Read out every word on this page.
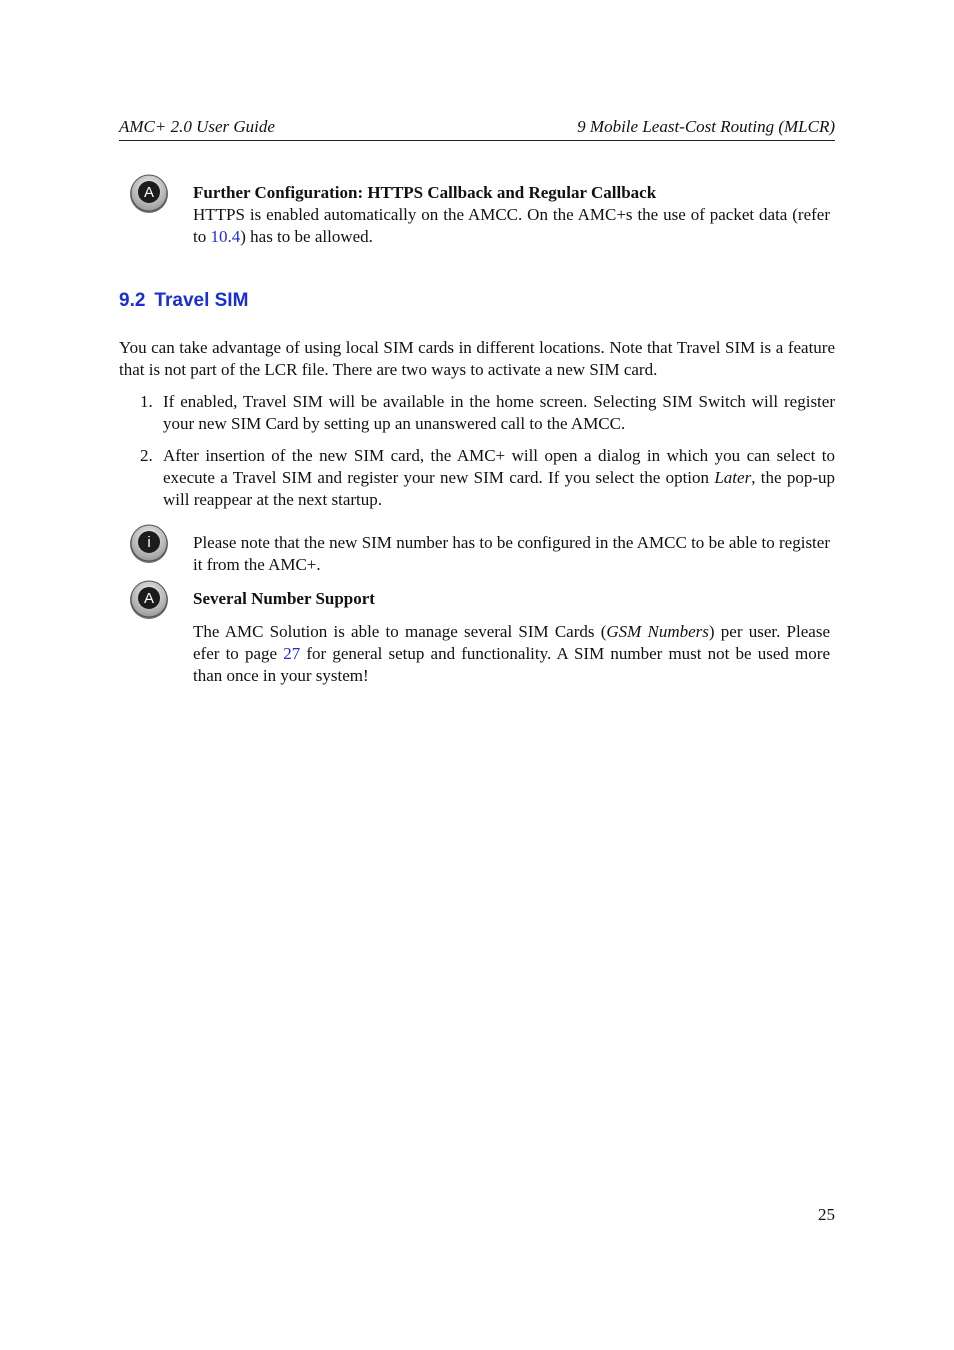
AMC+ 2.0 User Guide	9 Mobile Least-Cost Routing (MLCR)
A Further Configuration: HTTPS Callback and Regular Callback

HTTPS is enabled automatically on the AMCC. On the AMC+s the use of packet data (refer to 10.4) has to be allowed.

9.2 Travel SIM
You can take advantage of using local SIM cards in different locations. Note that Travel SIM is a feature that is not part of the LCR file. There are two ways to activate a new SIM card.
1. If enabled, Travel SIM will be available in the home screen. Selecting SIM Switch will register your new SIM Card by setting up an unanswered call to the AMCC.
2. After insertion of the new SIM card, the AMC+ will open a dialog in which you can select to execute a Travel SIM and register your new SIM card. If you select the option Later, the pop-up will reappear at the next startup.
i Please note that the new SIM number has to be configured in the AMCC to be able to register it from the AMC+.

A Several Number Support

The AMC Solution is able to manage several SIM Cards (GSM Numbers) per user. Please efer to page 27 for general setup and functionality. A SIM number must not be used more than once in your system!

25
